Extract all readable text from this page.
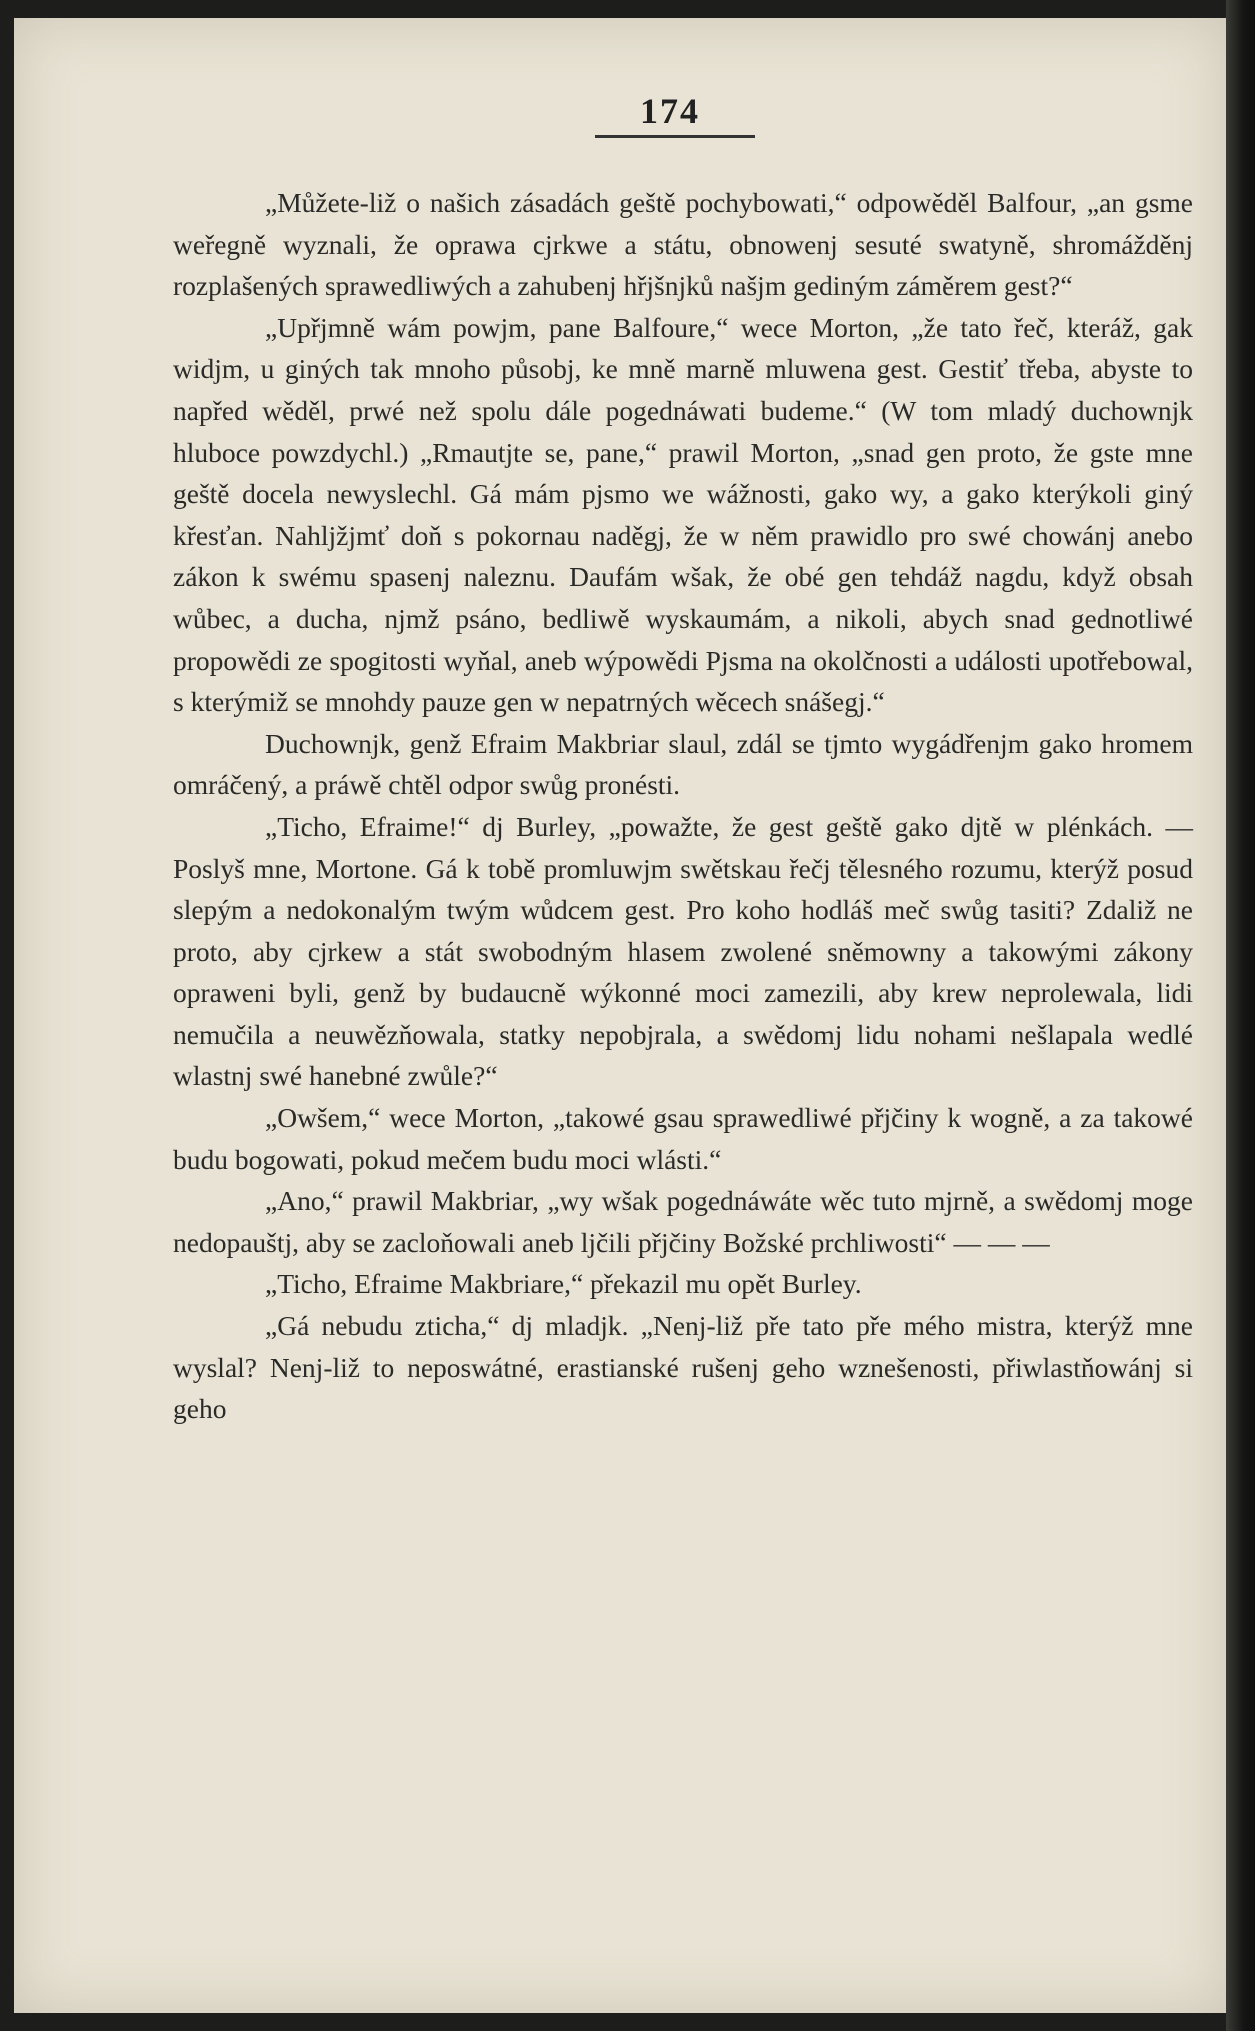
174

„Můžete-liž o našich zásadách geště pochybowati,“ odpowěděl Balfour, „an gsme weřegně wyznali, že oprawa cjrkwe a státu, obnowenj sesuté swatyně, shromážděnj rozplašených sprawedliwých a zahubenj hřjšnjků našjm gediným záměrem gest?“

„Upřjmně wám powjm, pane Balfoure,“ wece Morton, „že tato řeč, kteráž, gak widjm, u giných tak mnoho působj, ke mně marně mluwena gest. Gestiť třeba, abyste to napřed wěděl, prwé než spolu dále pogednáwati budeme.“ (W tom mladý duchownjk hluboce powzdychl.) „Rmautjte se, pane,“ prawil Morton, „snad gen proto, že gste mne geště docela newyslechl. Gá mám pjsmo we wážnosti, gako wy, a gako kterýkoli giný křesťan. Nahljžjmť doň s pokornau naděgj, že w něm prawidlo pro swé chowánj anebo zákon k swému spasenj naleznu. Daufám wšak, že obé gen tehdáž nagdu, když obsah wůbec, a ducha, njmž psáno, bedliwě wyskaumám, a nikoli, abych snad gednotliwé propowědi ze spogitosti wyňal, aneb wýpowědi Pjsma na okolčnosti a události upotřebowal, s kterýmiž se mnohdy pauze gen w nepatrných wěcech snášegj.“

Duchownjk, genž Efraim Makbriar slaul, zdál se tjmto wygádřenjm gako hromem omráčený, a práwě chtěl odpor swůg pronésti.

„Ticho, Efraime!“ dj Burley, „powažte, že gest geště gako djtě w plénkách. — Poslyš mne, Mortone. Gá k tobě promluwjm swětskau řečj tělesného rozumu, kterýž posud slepým a nedokonalým twým wůdcem gest. Pro koho hodláš meč swůg tasiti? Zdaliž ne proto, aby cjrkew a stát swobodným hlasem zwolené sněmowny a takowými zákony oprawenі byli, genž by budaucně wýkonné moci zamezili, aby krew neprolewala, lidi nemučila a neuwězňowala, statky nepobjrala, a swědomj lidu nohami nešlapala wedlé wlastnj swé hanebné zwůle?“

„Owšem,“ wece Morton, „takowé gsau sprawedliwé přjčiny k wogně, a za takowé budu bogowati, pokud mečem budu moci wlásti.“

„Ano,“ prawil Makbriar, „wy wšak pogednáwáte wěc tuto mjrně, a swědomj moge nedopauštj, aby se zacloňowali aneb ljčili přjčiny Božské prchliwosti“ — — —

„Ticho, Efraime Makbriare,“ překazil mu opět Burley.

„Gá nebudu zticha,“ dj mladjk. „Nenj-liž pře tato pře mého mistra, kterýž mne wyslal? Nenj-liž to neposwátné, erastianské rušenj geho wznešenosti, přiwlastňowánj si geho
